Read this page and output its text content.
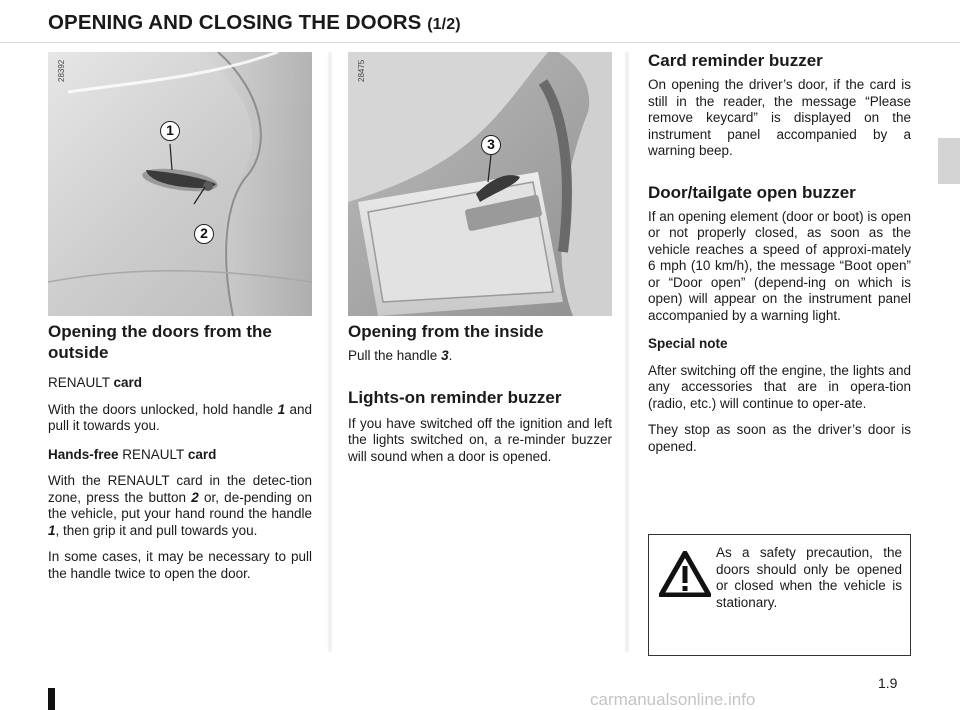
OPENING AND CLOSING THE DOORS (1/2)
28392
1
2
28475
3
Opening the doors from the outside

RENAULT card

With the doors unlocked, hold handle 1 and pull it towards you.

Hands-free RENAULT card

With the RENAULT card in the detec-tion zone, press the button 2 or, de-pending on the vehicle, put your hand round the handle 1, then grip it and pull towards you.

In some cases, it may be necessary to pull the handle twice to open the door.

Opening from the inside

Pull the handle 3.

Lights-on reminder buzzer

If you have switched off the ignition and left the lights switched on, a re-minder buzzer will sound when a door is opened.

Card reminder buzzer

On opening the driver’s door, if the card is still in the reader, the message “Please remove keycard” is displayed on the instrument panel accompanied by a warning beep.

Door/tailgate open buzzer

If an opening element (door or boot) is open or not properly closed, as soon as the vehicle reaches a speed of approxi-mately 6 mph (10 km/h), the message “Boot open” or “Door open” (depend-ing on which is open) will appear on the instrument panel accompanied by a warning light.

Special note

After switching off the engine, the lights and any accessories that are in opera-tion (radio, etc.) will continue to oper-ate.

They stop as soon as the driver’s door is opened.

As a safety precaution, the doors should only be opened or closed when the vehicle is stationary.
1.9
carmanualsonline.info
